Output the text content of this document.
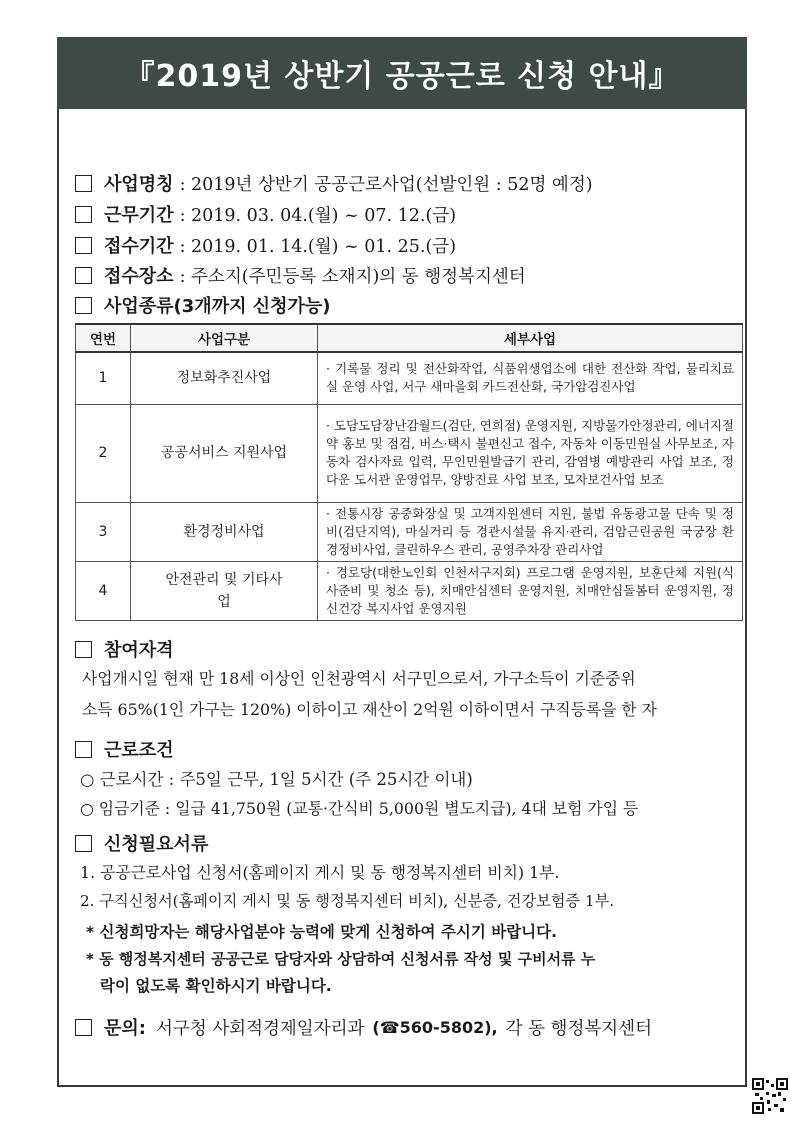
『2019년 상반기 공공근로 신청 안내』
사업명칭 : 2019년 상반기 공공근로사업(선발인원 : 52명 예정)
근무기간 : 2019. 03. 04.(월) ~ 07. 12.(금)
접수기간 : 2019. 01. 14.(월) ~ 01. 25.(금)
접수장소 : 주소지(주민등록 소재지)의 동 행정복지센터
사업종류(3개까지 신청가능)
연번	사업구분	세부사업
1	정보화추진사업	· 기록물 정리 및 전산화작업, 식품위생업소에 대한 전산화 작업, 물리치료실 운영 사업, 서구 새마을회 카드전산화, 국가암검진사업
2	공공서비스 지원사업	· 도담도담장난감월드(검단, 연희점) 운영지원, 지방물가안정관리, 에너지절약 홍보 및 점검, 버스·택시 불편신고 접수, 자동차 이동민원실 사무보조, 자동차 검사자료 입력, 무인민원발급기 관리, 감염병 예방관리 사업 보조, 정다운 도서관 운영업무, 양방진료 사업 보조, 모자보건사업 보조
3	환경정비사업	· 전통시장 공중화장실 및 고객지원센터 지원, 불법 유동광고물 단속 및 정비(검단지역), 마실거리 등 경관시설물 유지·관리, 검암근린공원 국궁장 환경정비사업, 클린하우스 관리, 공영주차장 관리사업
4	안전관리 및 기타사업	· 경로당(대한노인회 인천서구지회) 프로그램 운영지원, 보훈단체 지원(식사준비 및 청소 등), 치매안심센터 운영지원, 치매안심돌봄터 운영지원, 정신건강 복지사업 운영지원
참여자격
사업개시일 현재 만 18세 이상인 인천광역시 서구민으로서, 가구소득이 기준중위
소득 65%(1인 가구는 120%) 이하이고 재산이 2억원 이하이면서 구직등록을 한 자
근로조건
○ 근로시간 : 주5일 근무, 1일 5시간 (주 25시간 이내)
○ 임금기준 : 일급 41,750원 (교통·간식비 5,000원 별도지급), 4대 보험 가입 등
신청필요서류
1. 공공근로사업 신청서(홈페이지 게시 및 동 행정복지센터 비치) 1부.
2. 구직신청서(홈페이지 게시 및 동 행정복지센터 비치), 신분증, 건강보험증 1부.
* 신청희망자는 해당사업분야 능력에 맞게 신청하여 주시기 바랍니다.
* 동 행정복지센터 공공근로 담당자와 상담하여 신청서류 작성 및 구비서류 누
락이 없도록 확인하시기 바랍니다.
문의: 서구청 사회적경제일자리과 (☎560-5802), 각 동 행정복지센터
